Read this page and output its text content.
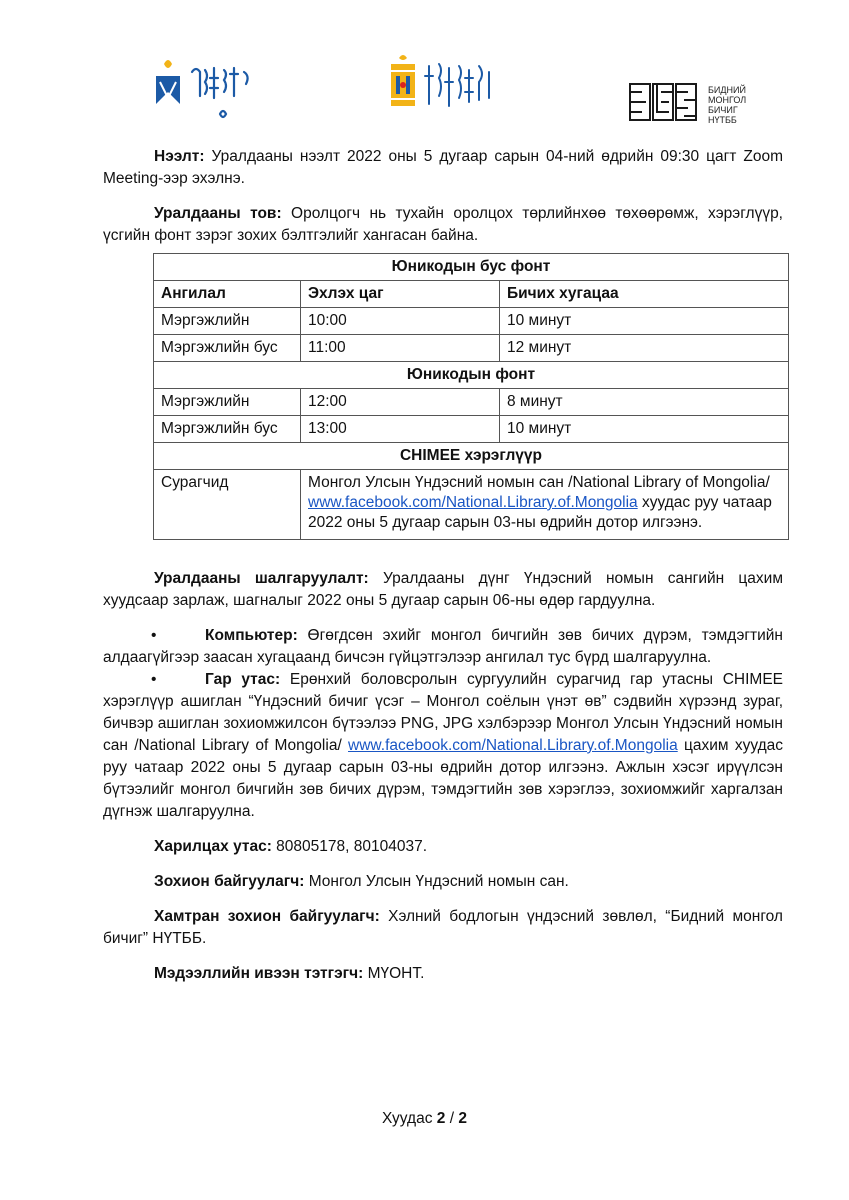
БИДНИЙ
МОНГОЛ
БИЧИГ
НҮТББ

Нээлт: Уралдааны нээлт 2022 оны 5 дугаар сарын 04-ний өдрийн 09:30 цагт Zoom Meeting-ээр эхэлнэ.

Уралдааны тов: Оролцогч нь тухайн оролцох төрлийнхөө төхөөрөмж, хэрэглүүр, үсгийн фонт зэрэг зохих бэлтгэлийг хангасан байна.

Юникодын бус фонт		
Ангилал	Эхлэх цаг	Бичих хугацаа
Мэргэжлийн	10:00	10 минут
Мэргэжлийн бус	11:00	12 минут
Юникодын фонт		
Мэргэжлийн	12:00	8 минут
Мэргэжлийн бус	13:00	10 минут
CHIMEE хэрэглүүр		
Сурагчид	Монгол Улсын Үндэсний номын сан /National Library of Mongolia/ www.facebook.com/National.Library.of.Mongolia хуудас руу чатаар 2022 оны 5 дугаар сарын 03-ны өдрийн дотор илгээнэ.	

Уралдааны шалгаруулалт: Уралдааны дүнг Үндэсний номын сангийн цахим хуудсаар зарлаж, шагналыг 2022 оны 5 дугаар сарын 06-ны өдөр гардуулна.

•	Компьютер: Өгөгдсөн эхийг монгол бичгийн зөв бичих дүрэм, тэмдэгтийн алдаагүйгээр заасан хугацаанд бичсэн гүйцэтгэлээр ангилал тус бүрд шалгаруулна.

•	Гар утас: Ерөнхий боловсролын сургуулийн сурагчид гар утасны CHIMEE хэрэглүүр ашиглан “Үндэсний бичиг үсэг – Монгол соёлын үнэт өв” сэдвийн хүрээнд зураг, бичвэр ашиглан зохиомжилсон бүтээлээ PNG, JPG хэлбэрээр Монгол Улсын Үндэсний номын сан /National Library of Mongolia/ www.facebook.com/National.Library.of.Mongolia цахим хуудас руу чатаар 2022 оны 5 дугаар сарын 03-ны өдрийн дотор илгээнэ. Ажлын хэсэг ирүүлсэн бүтээлийг монгол бичгийн зөв бичих дүрэм, тэмдэгтийн зөв хэрэглээ, зохиомжийг харгалзан дүгнэж шалгаруулна.

Харилцах утас: 80805178, 80104037.

Зохион байгуулагч: Монгол Улсын Үндэсний номын сан.

Хамтран зохион байгуулагч: Хэлний бодлогын үндэсний зөвлөл, “Бидний монгол бичиг” НҮТББ.

Мэдээллийн ивээн тэтгэгч: МҮОНТ.

Хуудас 2 / 2
